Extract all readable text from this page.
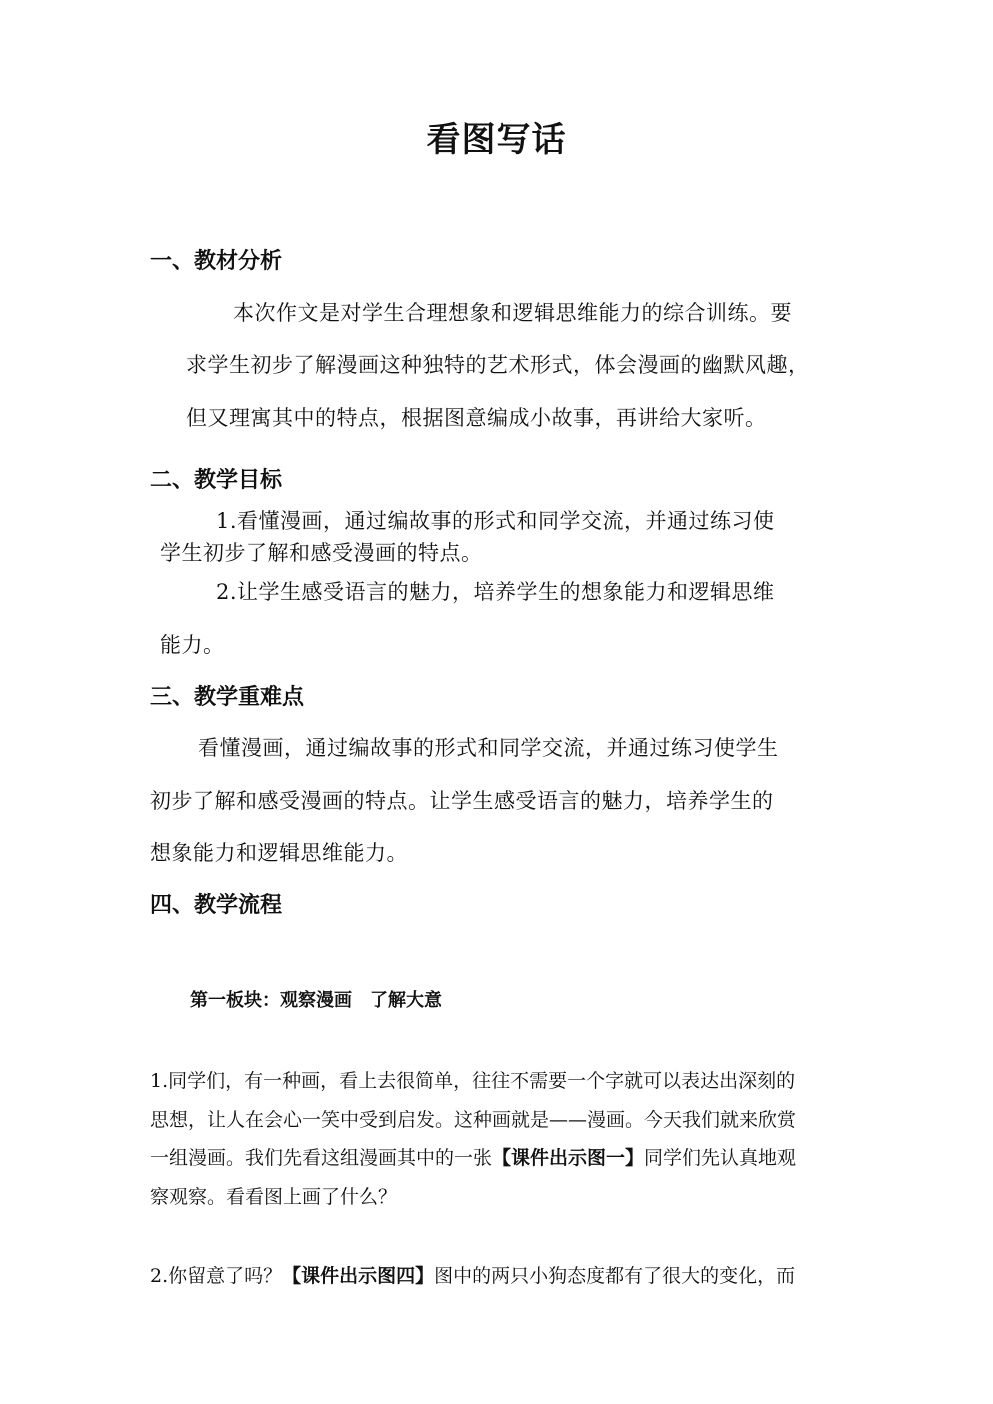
看图写话
一、教材分析
本次作文是对学生合理想象和逻辑思维能力的综合训练。要
求学生初步了解漫画这种独特的艺术形式，体会漫画的幽默风趣，
但又理寓其中的特点，根据图意编成小故事，再讲给大家听。
二、教学目标
1.看懂漫画，通过编故事的形式和同学交流，并通过练习使
学生初步了解和感受漫画的特点。
2.让学生感受语言的魅力，培养学生的想象能力和逻辑思维
能力。
三、教学重难点
看懂漫画，通过编故事的形式和同学交流，并通过练习使学生
初步了解和感受漫画的特点。让学生感受语言的魅力，培养学生的
想象能力和逻辑思维能力。
四、教学流程
第一板块：观察漫画　了解大意
1.同学们，有一种画，看上去很简单，往往不需要一个字就可以表达出深刻的
思想，让人在会心一笑中受到启发。这种画就是——漫画。今天我们就来欣赏
一组漫画。我们先看这组漫画其中的一张【课件出示图一】同学们先认真地观
察观察。看看图上画了什么？
2.你留意了吗？【课件出示图四】图中的两只小狗态度都有了很大的变化，而
